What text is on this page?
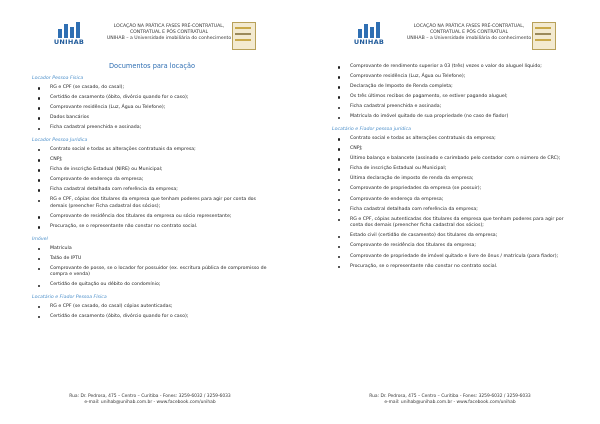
UNIHAB
LOCAÇÃO NA PRÁTICA FASES PRÉ-CONTRATUAL,
CONTRATUAL E PÓS CONTRATUAL
UNIHAB – a Universidade imobiliária do conhecimento
Documentos para locação
Locador Pessoa Física
RG e CPF (se casado, do casal);
Certidão de casamento (óbito, divórcio quando for o caso);
Comprovante residência (Luz, Água ou Telefone);
Dados bancários
Ficha cadastral preenchida e assinada;
Locador Pessoa Jurídica
Contrato social e todas as alterações contratuais da empresa;
CNPJ;
Ficha de inscrição Estadual (NIRE) ou Municipal;
Comprovante de endereço da empresa;
Ficha cadastral detalhada com referência da empresa;
RG e CPF, cópias dos titulares da empresa que tenham poderes para agir por conta dos demais (preencher Ficha cadastral dos sócios);
Comprovante de residência dos titulares da empresa ou sócio representante;
Procuração, se o representante não constar no contrato social.
Imóvel
Matrícula
Talão de IPTU
Comprovante de posse, se o locador for possuidor (ex. escritura pública de compromisso de compra e venda)
Certidão de quitação ou débito do condomínio;
Locatário e Fiador Pessoa Física
RG e CPF (se casado, do casal) cópias autenticadas;
Certidão de casamento (óbito, divórcio quando for o caso);
Rua: Dr. Pedrosa, 475 – Centro – Curitiba - Fones: 3259-6032 / 3259-6033
e-mail: unihab@unihab.com.br - www.facebook.com/unihab
UNIHAB
LOCAÇÃO NA PRÁTICA FASES PRÉ-CONTRATUAL,
CONTRATUAL E PÓS CONTRATUAL
UNIHAB – a Universidade imobiliária do conhecimento
Comprovante de rendimento superior a 03 (três) vezes o valor do aluguel líquido;
Comprovante residência (Luz, Água ou Telefone);
Declaração de Imposto de Renda completa;
Os três últimos recibos de pagamento, se estiver pagando aluguel;
Ficha cadastral preenchida e assinada;
Matrícula do imóvel quitado de sua propriedade (no caso de fiador)
Locatário e Fiador pessoa jurídica
Contrato social e todas as alterações contratuais da empresa;
CNPJ;
Último balanço e balancete (assinado e carimbado pelo contador com o número de CRC);
Ficha de inscrição Estadual ou Municipal;
Última declaração de imposto de renda da empresa;
Comprovante de propriedades da empresa (se possuir);
Comprovante de endereço da empresa;
Ficha cadastral detalhada com referência da empresa;
RG e CPF, cópias autenticadas dos titulares da empresa que tenham poderes para agir por conta dos demais (preencher ficha cadastral dos sócios);
Estado civil (certidão de casamento) dos titulares da empresa;
Comprovante de residência dos titulares da empresa;
Comprovante de propriedade de imóvel quitado e livre de ônus / matrícula (para fiador);
Procuração, se o representante não constar no contrato social.
Rua: Dr. Pedrosa, 475 – Centro – Curitiba - Fones: 3259-6032 / 3259-6033
e-mail: unihab@unihab.com.br - www.facebook.com/unihab
